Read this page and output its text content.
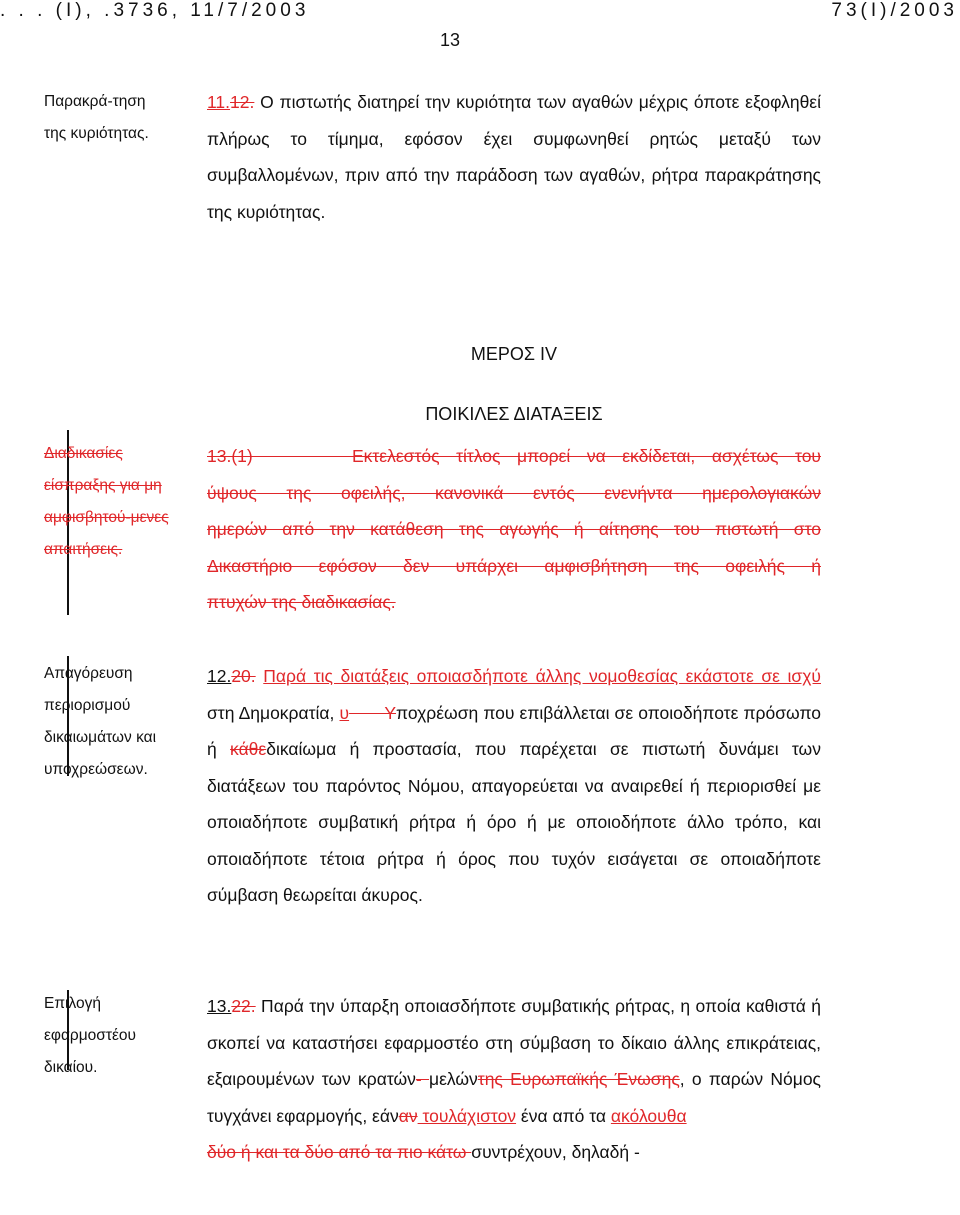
. . . (Ι), .3736, 11/7/2003	73(Ι)/2003
13
Παρακρά-τηση
της κυριότητας.
11.12. Ο πιστωτής διατηρεί την κυριότητα των αγαθών μέχρις όποτε εξοφληθεί πλήρως το τίμημα, εφόσον έχει συμφωνηθεί ρητώς μεταξύ των συμβαλλομένων, πριν από την παράδοση των αγαθών, ρήτρα παρακράτησης της κυριότητας.
ΜΕΡΟΣ IV
ΠΟΙΚΙΛΕΣ ΔΙΑΤΑΞΕΙΣ
Διαδικασίες
είσπραξης για μη
αμφισβητού-μενες
απαιτήσεις.
13.(1)      Εκτελεστός τίτλος μπορεί να εκδίδεται, ασχέτως του
ύψους της οφειλής, κανονικά εντός ενενήντα ημερολογιακών
ημερών από την κατάθεση της αγωγής ή αίτησης του πιστωτή στο
Δικαστήριο εφόσον δεν υπάρχει αμφισβήτηση της οφειλής ή
πτυχών της διαδικασίας.
Απαγόρευση
περιορισμού
δικαιωμάτων και
υποχρεώσεων.
12.20. Παρά τις διατάξεις οποιασδήποτε άλλης νομοθεσίας εκάστοτε σε ισχύ στη Δημοκρατία, υ       Υποχρέωση που επιβάλλεται σε οποιοδήποτε πρόσωπο ή κάθεδικαίωμα ή προστασία, που παρέχεται σε πιστωτή δυνάμει των διατάξεων του παρόντος Νόμου, απαγορεύεται να αναιρεθεί ή περιορισθεί με οποιαδήποτε συμβατική ρήτρα ή όρο ή με οποιοδήποτε άλλο τρόπο, και οποιαδήποτε τέτοια ρήτρα ή όρος που τυχόν εισάγεται σε οποιαδήποτε σύμβαση θεωρείται άκυρος.
Επιλογή
εφαρμοστέου
δικαίου.
13.22. Παρά την ύπαρξη οποιασδήποτε συμβατικής ρήτρας, η οποία καθιστά ή σκοπεί να καταστήσει εφαρμοστέο στη σύμβαση το δίκαιο άλλης επικράτειας, εξαιρουμένων των κρατών- μελώντης Ευρωπαϊκής Ένωσης, ο παρών Νόμος τυγχάνει εφαρμογής, εάναν τουλάχιστον ένα από τα ακόλουθα
δύο ή και τα δύο από τα πιο κάτω συντρέχουν, δηλαδή -
